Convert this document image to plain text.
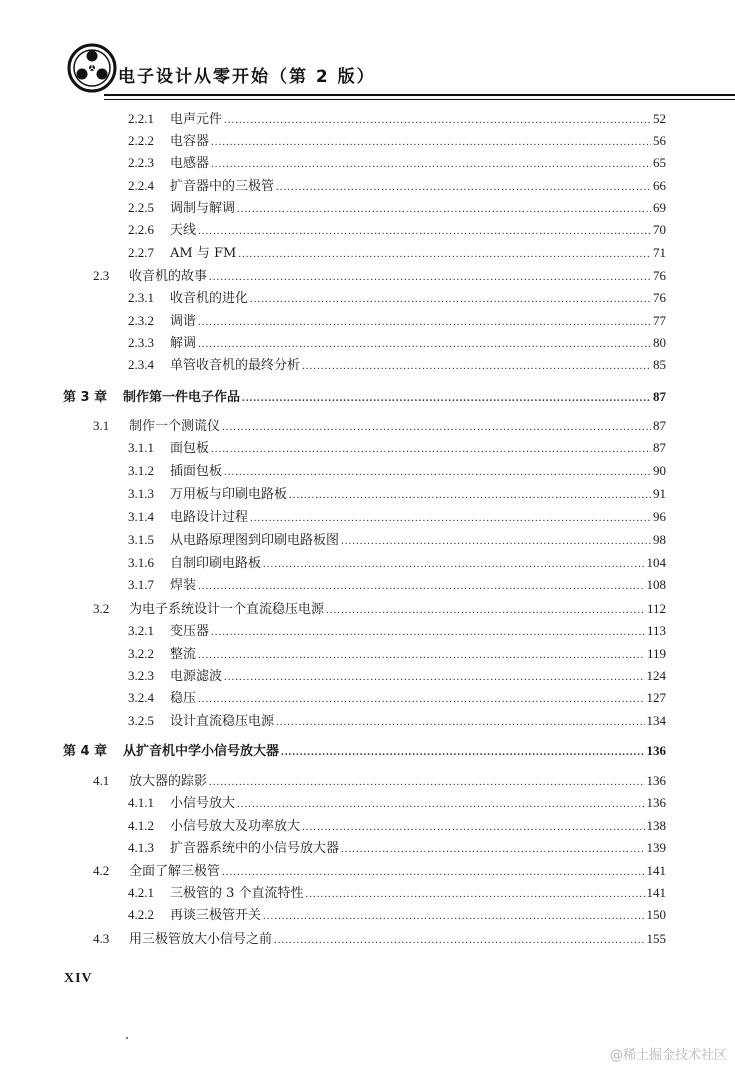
电子设计从零开始（第 2 版）
2.2.1	电声元件 .....	52
2.2.2	电容器 .....	56
2.2.3	电感器 .....	65
2.2.4	扩音器中的三极管 .....	66
2.2.5	调制与解调 .....	69
2.2.6	天线 .....	70
2.2.7	AM 与 FM .....	71
2.3	收音机的故事 .....	76
2.3.1	收音机的进化 .....	76
2.3.2	调谐 .....	77
2.3.3	解调 .....	80
2.3.4	单管收音机的最终分析 .....	85
第 3 章	制作第一件电子作品 .....	87
3.1	制作一个测谎仪 .....	87
3.1.1	面包板 .....	87
3.1.2	插面包板 .....	90
3.1.3	万用板与印刷电路板 .....	91
3.1.4	电路设计过程 .....	96
3.1.5	从电路原理图到印刷电路板图 .....	98
3.1.6	自制印刷电路板 .....	104
3.1.7	焊装 .....	108
3.2	为电子系统设计一个直流稳压电源 .....	112
3.2.1	变压器 .....	113
3.2.2	整流 .....	119
3.2.3	电源滤波 .....	124
3.2.4	稳压 .....	127
3.2.5	设计直流稳压电源 .....	134
第 4 章	从扩音机中学小信号放大器 .....	136
4.1	放大器的踪影 .....	136
4.1.1	小信号放大 .....	136
4.1.2	小信号放大及功率放大 .....	138
4.1.3	扩音器系统中的小信号放大器 .....	139
4.2	全面了解三极管 .....	141
4.2.1	三极管的 3 个直流特性 .....	141
4.2.2	再谈三极管开关 .....	150
4.3	用三极管放大小信号之前 .....	155
XIV
@稀土掘金技术社区
